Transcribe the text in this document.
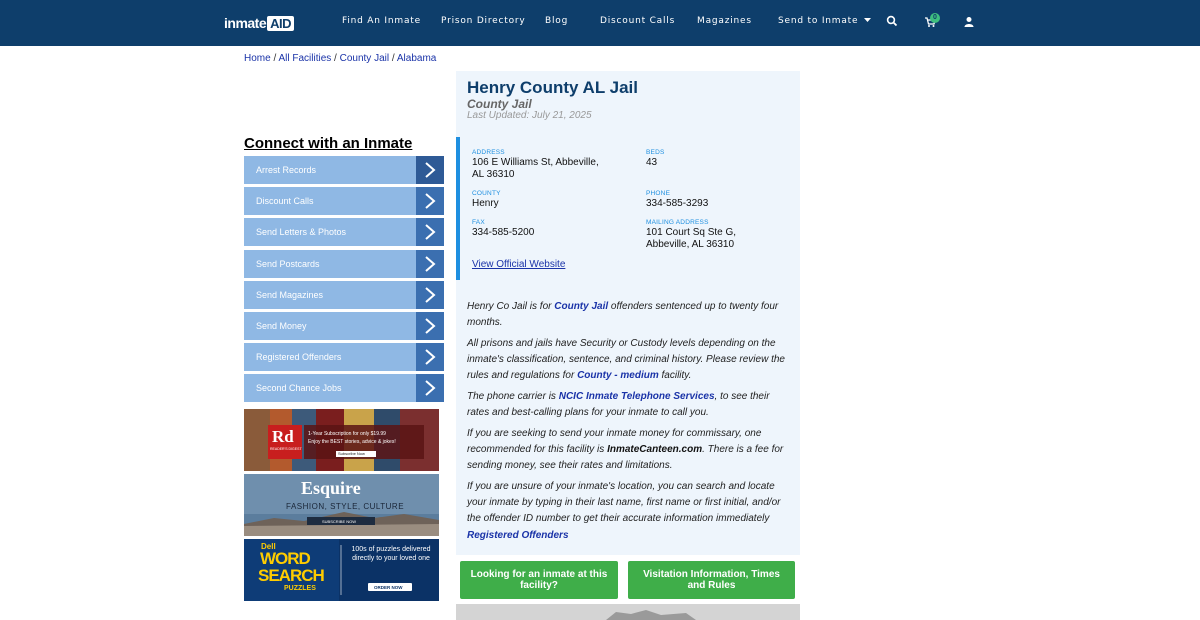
inmate AID	Find An Inmate Prison Directory Blog	Discount Calls Magazines	Send to Inmate	0
Home / All Facilities / County Jail / Alabama
Connect with an Inmate
Arrest Records
Discount Calls
Send Letters & Photos
Send Postcards
Send Magazines
Send Money
Registered Offenders
Second Chance Jobs
Rd
READER'S DIGEST
1-Year Subscription for only $19.99
Enjoy the BEST stories, advice & jokes!
Subscribe Now
Esquire
FASHION, STYLE, CULTURE
SUBSCRIBE NOW
Dell
WORD
SEARCH
PUZZLES
100s of puzzles delivered directly to your loved one
ORDER NOW
Henry County AL Jail
County Jail
Last Updated: July 21, 2025
ADDRESS
106 E Williams St, Abbeville,
AL 36310
BEDS
43
COUNTY
Henry
PHONE
334-585-3293
FAX
334-585-5200
MAILING ADDRESS
101 Court Sq Ste G,
Abbeville, AL 36310
View Official Website

Henry Co Jail is for County Jail offenders sentenced up to twenty four months.

All prisons and jails have Security or Custody levels depending on the inmate's classification, sentence, and criminal history. Please review the rules and regulations for County - medium facility.

The phone carrier is NCIC Inmate Telephone Services, to see their rates and best-calling plans for your inmate to call you.

If you are seeking to send your inmate money for commissary, one recommended for this facility is InmateCanteen.com. There is a fee for sending money, see their rates and limitations.

If you are unsure of your inmate's location, you can search and locate your inmate by typing in their last name, first name or first initial, and/or the offender ID number to get their accurate information immediately Registered Offenders

Looking for an inmate at this facility?
Visitation Information, Times and Rules
